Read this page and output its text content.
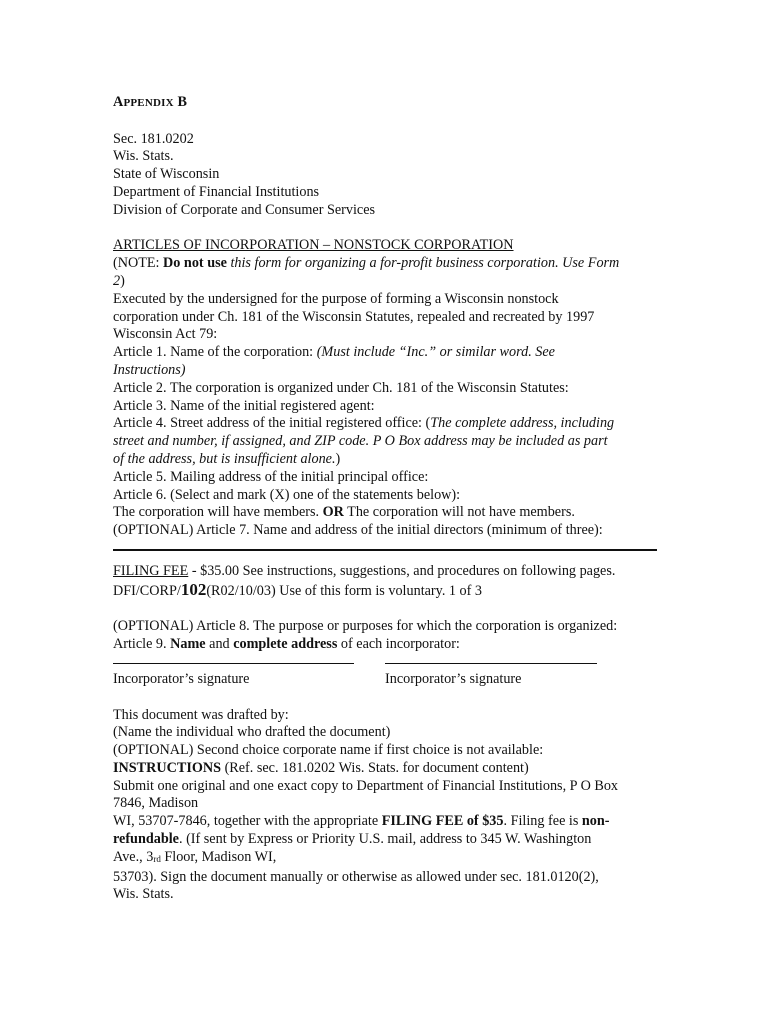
APPENDIX B
Sec. 181.0202
Wis. Stats.
State of Wisconsin
Department of Financial Institutions
Division of Corporate and Consumer Services
ARTICLES OF INCORPORATION – NONSTOCK CORPORATION
(NOTE: Do not use this form for organizing a for-profit business corporation. Use Form
2)
Executed by the undersigned for the purpose of forming a Wisconsin nonstock
corporation under Ch. 181 of the Wisconsin Statutes, repealed and recreated by 1997
Wisconsin Act 79:
Article 1. Name of the corporation: (Must include “Inc.” or similar word. See
Instructions)
Article 2. The corporation is organized under Ch. 181 of the Wisconsin Statutes:
Article 3. Name of the initial registered agent:
Article 4. Street address of the initial registered office: (The complete address, including
street and number, if assigned, and ZIP code. P O Box address may be included as part
of the address, but is insufficient alone.)
Article 5. Mailing address of the initial principal office:
Article 6. (Select and mark (X) one of the statements below):
The corporation will have members. OR The corporation will not have members.
(OPTIONAL) Article 7. Name and address of the initial directors (minimum of three):
FILING FEE - $35.00 See instructions, suggestions, and procedures on following pages.
DFI/CORP/102(R02/10/03) Use of this form is voluntary. 1 of 3
(OPTIONAL) Article 8. The purpose or purposes for which the corporation is organized:
Article 9. Name and complete address of each incorporator:
Incorporator’s signature	Incorporator’s signature
This document was drafted by:
(Name the individual who drafted the document)
(OPTIONAL) Second choice corporate name if first choice is not available:
INSTRUCTIONS (Ref. sec. 181.0202 Wis. Stats. for document content)
Submit one original and one exact copy to Department of Financial Institutions, P O Box
7846, Madison
WI, 53707-7846, together with the appropriate FILING FEE of $35. Filing fee is non-
refundable. (If sent by Express or Priority U.S. mail, address to 345 W. Washington
Ave., 3rd Floor, Madison WI,
53703). Sign the document manually or otherwise as allowed under sec. 181.0120(2),
Wis. Stats.
